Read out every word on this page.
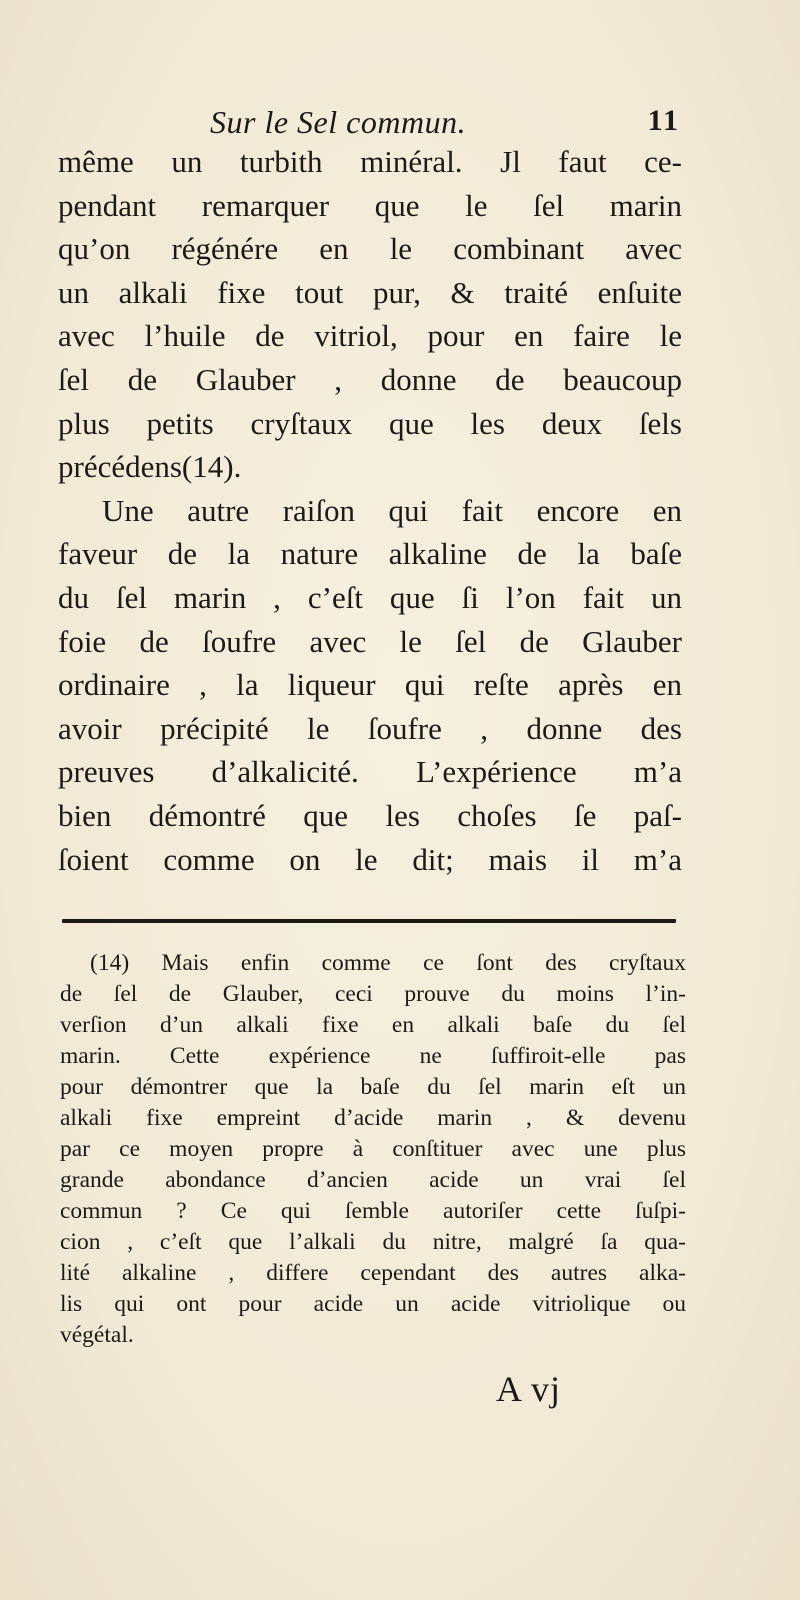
Sur le Sel commun.	11
même un turbith minéral. Jl faut ce-
pendant remarquer que le ſel marin
qu’on régénére en le combinant avec
un alkali fixe tout pur, & traité enſuite
avec l’huile de vitriol, pour en faire le
ſel de Glauber , donne de beaucoup
plus petits cryſtaux que les deux ſels
précédens(14).
Une autre raiſon qui fait encore en
faveur de la nature alkaline de la baſe
du ſel marin , c’eſt que ſi l’on fait un
foie de ſoufre avec le ſel de Glauber
ordinaire , la liqueur qui reſte après en
avoir précipité le ſoufre , donne des
preuves d’alkalicité. L’expérience m’a
bien démontré que les choſes ſe paſ-
ſoient comme on le dit; mais il m’a
(14) Mais enfin comme ce ſont des cryſtaux
de ſel de Glauber, ceci prouve du moins l’in-
verſion d’un alkali fixe en alkali baſe du ſel
marin. Cette expérience ne ſuffiroit-elle pas
pour démontrer que la baſe du ſel marin eſt un
alkali fixe empreint d’acide marin , & devenu
par ce moyen propre à conſtituer avec une plus
grande abondance d’ancien acide un vrai ſel
commun ? Ce qui ſemble autoriſer cette ſuſpi-
cion , c’eſt que l’alkali du nitre, malgré ſa qua-
lité alkaline , differe cependant des autres alka-
lis qui ont pour acide un acide vitriolique ou
végétal.
A vj
